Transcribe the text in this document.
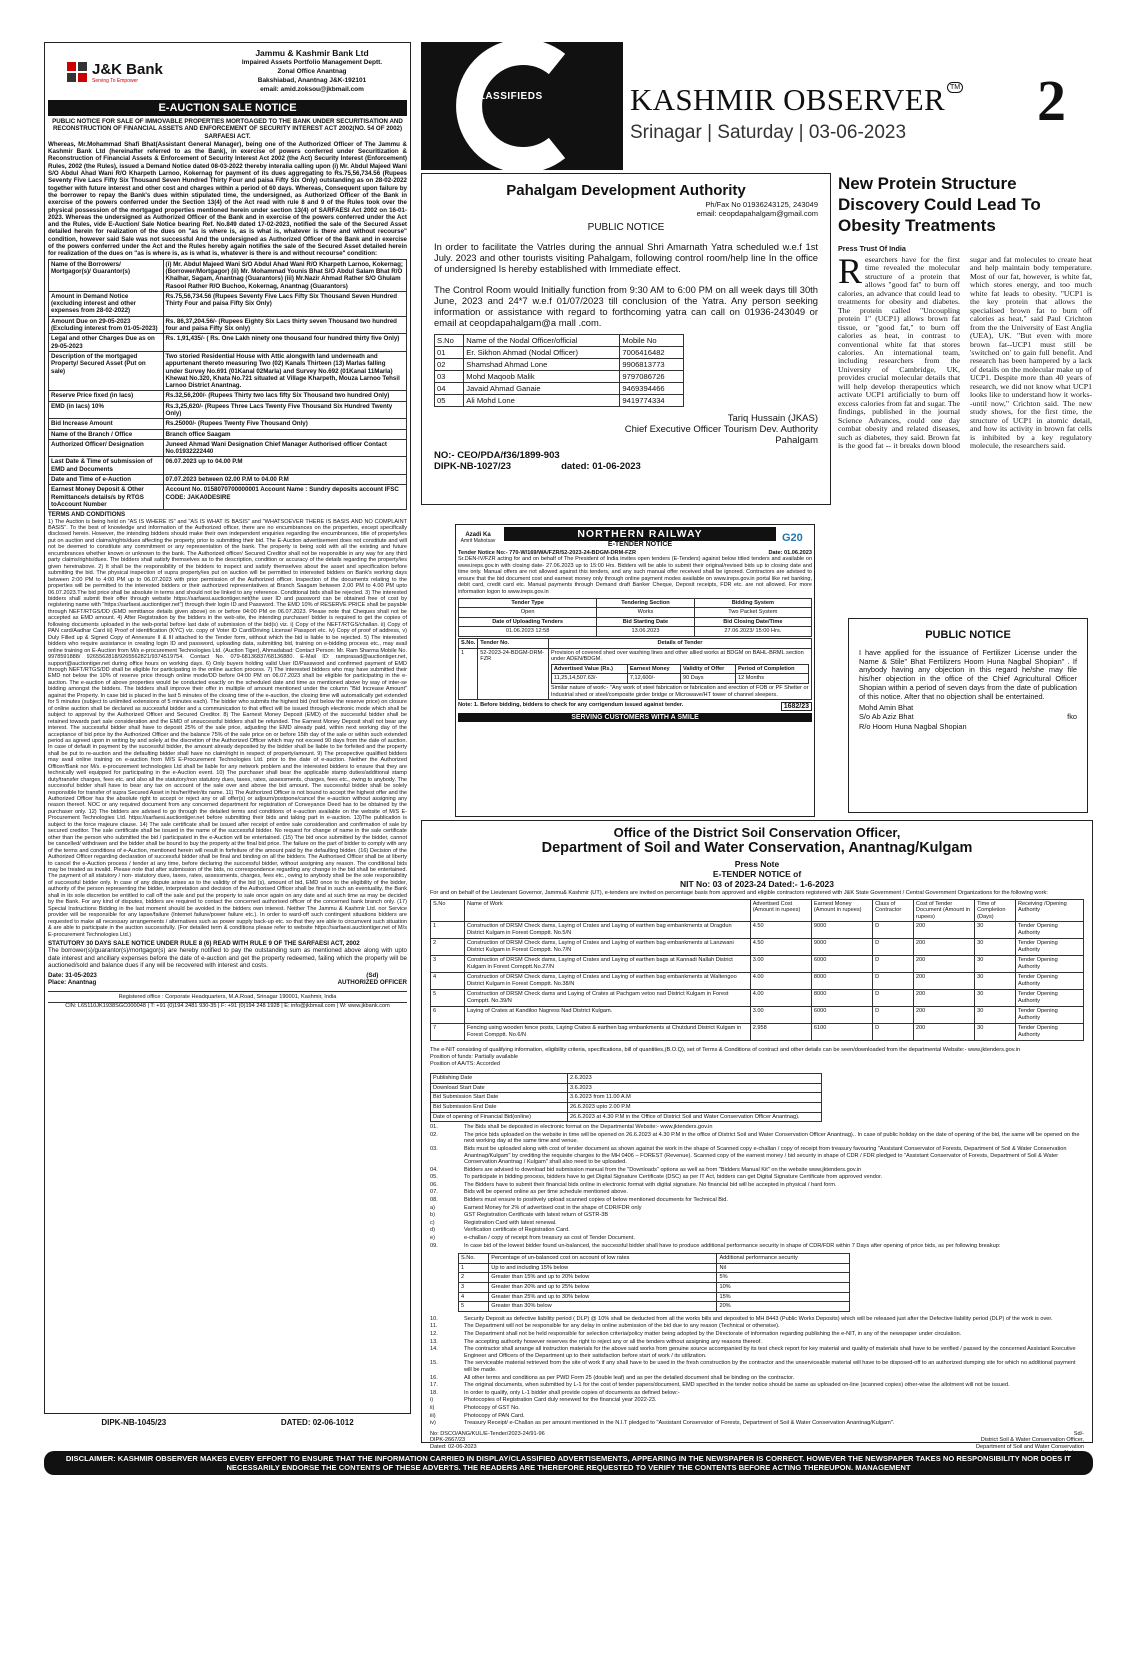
J&K Bank
Serving To Empower
Jammu & Kashmir Bank Ltd
Impaired Assets Portfolio Management Deptt.
Zonal Office Anantnag
Bakshiabad, Anantnag J&K-192101
email: amid.zoksou@jkbmail.com
E-AUCTION SALE NOTICE
PUBLIC NOTICE FOR SALE OF IMMOVABLE PROPERTIES MORTGAGED TO THE BANK UNDER SECURITISATION AND RECONSTRUCTION OF FINANCIAL ASSETS AND ENFORCEMENT OF SECURITY INTEREST ACT 2002(NO. 54 OF 2002) SARFAESI ACT.

Whereas, Mr.Mohammad Shafi Bhat(Assistant General Manager), being one of the Authorized Officer of The Jammu & Kashmir Bank Ltd (hereinafter referred to as the Bank), in exercise of powers conferred under Securitization & Reconstruction of Financial Assets & Enforcement of Security Interest Act 2002 (the Act) Security Interest (Enforcement) Rules, 2002 (the Rules), issued a Demand Notice dated 08-03-2022 thereby interalia calling upon (i) Mr. Abdul Majeed Wani S/O Abdul Ahad Wani R/O Kharpeth Larnoo, Kokernag for payment of its dues aggregating to Rs.75,56,734.56 (Rupees Seventy Five Lacs Fifty Six Thousand Seven Hundred Thirty Four and paisa Fifty Six Only) outstanding as on 28-02-2022 together with future interest and other cost and charges within a period of 60 days. Whereas, Consequent upon failure by the borrower to repay the Bank's dues within stipulated time, the undersigned, as Authorized Officer of the Bank in exercise of the powers conferred under the Section 13(4) of the Act read with rule 8 and 9 of the Rules took over the physical possession of the mortgaged properties mentioned herein under section 13(4) of SARFAESI Act 2002 on 16-01-2023. Whereas the undersigned as Authorized Officer of the Bank and in exercise of the powers conferred under the Act and the Rules, vide E-Auction/ Sale Notice bearing Ref. No.849 dated 17-02-2023, notified the sale of the Secured Asset detailed herein for realization of the dues on "as is where is, as is what is, whatever is there and without recourse" condition, however said Sale was not successful And the undersigned as Authorized Officer of the Bank and in exercise of the powers conferred under the Act and the Rules hereby again notifies the sale of the Secured Asset detailed herein for realization of the dues on "as is where is, as is what is, whatever is there is and without recourse" condition:

Name of the Borrowers/ Mortgagor(s)/ Guarantor(s)	(i) Mr. Abdul Majeed Wani S/O Abdul Ahad Wani R/O Kharpeth Larnoo, Kokernag; (Borrower/Mortgagor) (ii) Mr. Mohammad Younis Bhat S/O Abdul Salam Bhat R/O Khalhar, Sagam, Anantnag (Guarantors) (iii) Mr.Nazir Ahmad Rather S/O Ghulam Rasool Rather R/O Buchoo, Kokernag, Anantnag (Guarantors)
Amount in Demand Notice (excluding interest and other expenses from 28-02-2022)	Rs.75,56,734.56 (Rupees Seventy Five Lacs Fifty Six Thousand Seven Hundred Thirty Four and paisa Fifty Six Only)
Amount Due on 29-05-2023 (Excluding interest from 01-05-2023)	Rs. 86,37,204.56/- (Rupees Eighty Six Lacs thirty seven Thousand two hundred four and paisa Fifty Six only)
Legal and other Charges Due as on 29-05-2023	Rs. 1,91,435/- ( Rs. One Lakh ninety one thousand four hundred thirty five Only)
Description of the mortgaged Property/ Secured Asset (Put on sale)	Two storied Residential House with Attic alongwith land underneath and appurtenant thereto measuring Two (02) Kanals Thirteen (13) Marlas falling under Survey No.691 (01Kanal 02Marla) and Survey No.692 (01Kanal 11Marla) Khewat No.320, Khata No.721 situated at Village Kharpeth, Mouza Larnoo Tehsil Larnoo District Anantnag.
Reserve Price fixed (in lacs)	Rs.32,56,200/- (Rupees Thirty two lacs fifty Six Thousand two hundred Only)
EMD (in lacs) 10%	Rs.3,25,620/- (Rupees Three Lacs Twenty Five Thousand Six Hundred Twenty Only)
Bid Increase Amount	Rs.25000/- (Rupees Twenty Five Thousand Only)
Name of the Branch / Office	Branch office Saagam
Authorized Officer/ Designation	Juneed Ahmad Wani Designation Chief Manager Authorised officer Contact No.01932222440
Last Date & Time of submission of EMD and Documents	06.07.2023 up to 04.00 P.M
Date and Time of e-Auction	07.07.2023 between 02.00 P.M to 04.00 P.M
Earnest Money Deposit & Other Remittance/s details/s by RTGS toAccount Number	Account No. 0158070700000001 Account Name : Sundry deposits account IFSC CODE: JAKA0DESIRE
TERMS AND CONDITIONS

1) The Auction is being held on "AS IS WHERE IS" and "AS IS WHAT IS BASIS" and "WHATSOEVER THERE IS BASIS AND NO COMPLAINT BASIS". To the best of knowledge and information of the Authorized officer, there are no encumbrances on the properties, except specifically disclosed herein. However, the intending bidders should make their own independent enquiries regarding the encumbrances, title of property/ies put on auction and claims/rights/dues affecting the property, prior to submitting their bid. The E-Auction advertisement does not constitute and will not be deemed to constitute any commitment or any representation of the bank. The property is being sold with all the existing and future encumbrances whether known or unknown to the bank. The Authorized officer/ Secured Creditor shall not be responsible in any way for any third party claims/rights/dues. The bidders shall satisfy themselves as to the description, condition or accuracy of the details regarding the property/ies given hereinabove. 2) It shall be the responsibility of the bidders to inspect and satisfy themselves about the asset and specification before submitting the bid. The physical inspection of supra property/ies put on auction will be permitted to interested bidders on Bank's working days between 2:00 PM to 4:00 PM up to 06.07.2023 with prior permission of the Authorized officer. Inspection of the documents relating to the properties will be permitted to the interested bidders or their authorized representatives at Branch Saagam between 2.00 PM to 4.00 PM upto 06.07.2023.The bid price shall be absolute in terms and should not be linked to any reference. Conditional bids shall be rejected. 3) The interested bidders shall submit their offer through website https://sarfaesi.auctiontiger.net(the user ID and password can be obtained free of cost by registering name with "https://sarfaesi.auctiontiger.net") through their login ID and Password. The EMD 10% of RESERVE PRICE shall be payable through NEFT/RTGS/DD (EMD remittance details given above) on or before 04:00 PM on 06.07.2023. Please note that Cheques shall not be accepted as EMD amount. 4) After Registration by the bidders in the web-site, the intending purchaser/ bidder is required to get the copies of following documents uploaded in the web-portal before last date of submission of the bid(s) viz. i) Copy of the NEFT/RTGS/challan. ii) Copy of PAN card/Aadhar Card iii) Proof of identification (KYC) viz. copy of Voter ID Card/Driving License/ Passport etc. iv) Copy of proof of address, v) Duly Filled up & Signed Copy of Annexure II & III attached to the Tender form, without which the bid is liable to be rejected. 5) The interested bidders who require assistance in creating login ID and password, uploading data, submitting bid, training on e-bidding process etc., may avail online training on E-Auction from M/s e-procurement Technologies Ltd. (Auction Tiger), Ahmadabad: Contact Person: Mr. Ram Sharma Mobile No. 9978591888/ 9265562818/9265562821/9374519754. Contact No. 079-68136837/68136880. E-Mail ID: ramprasad@auctiontiger.net, support@auctiontiger.net during office hours on working days. 6) Only buyers holding valid User ID/Password and confirmed payment of EMD through NEFT/RTGS/DD shall be eligible for participating in the online auction process. 7) The interested bidders who may have submitted their EMD not below the 10% of reserve price through online mode/DD before 04:00 PM on 06.07.2023 shall be eligible for participating in the e-auction. The e-auction of above properties would be conducted exactly on the scheduled date and time as mentioned above by way of inter-se bidding amongst the bidders. The bidders shall improve their offer in multiple of amount mentioned under the column "Bid Increase Amount" against the Property. In case bid is placed in the last 5 minutes of the closing time of the e-auction, the closing time will automatically get extended for 5 minutes (subject to unlimited extensions of 5 minutes each). The bidder who submits the highest bid (not below the reserve price) on closure of online auction shall be declared as successful bidder and a communication to that effect will be issued through electronic mode which shall be subject to approval by the Authorized Officer and Secured Creditor. 8) The Earnest Money Deposit (EMD) of the successful bidder shall be retained towards part sale consideration and the EMD of unsuccessful bidders shall be refunded. The Earnest Money Deposit shall not bear any interest. The successful bidder shall have to deposit 25% of the sale price, adjusting the EMD already paid, within next working day of the acceptance of bid price by the Authorized Officer and the balance 75% of the sale price on or before 15th day of the sale or within such extended period as agreed upon in writing by and solely at the discretion of the Authorized Officer which may not exceed 90 days from the date of auction. In case of default in payment by the successful bidder, the amount already deposited by the bidder shall be liable to be forfeited and the property shall be put to re-auction and the defaulting bidder shall have no claim/right in respect of property/amount. 9) The prospective qualified bidders may avail online training on e-auction from M/S E-Procurement Technologies Ltd. prior to the date of e-auction. Neither the Authorized Officer/Bank nor M/s. e-procurement technologies Ltd shall be liable for any network problem and the interested bidders to ensure that they are technically well equipped for participating in the e-Auction event. 10) The purchaser shall bear the applicable stamp duties/additional stamp duty/transfer charges, fees etc. and also all the statutory/non statutory dues, taxes, rates, assessments, charges, fees etc., owing to anybody. The successful bidder shall have to bear any tax on account of the sale over and above the bid amount. The successful bidder shall be solely responsible for transfer of supra Secured Asset in his/her/their/its name. 11) The Authorized Officer is not bound to accept the highest offer and the Authorized Officer has the absolute right to accept or reject any or all offer(s) or adjourn/postpone/cancel the e-auction without assigning any reason thereof. NOC or any required document from any concerned department for registration of Conveyance Deed has to be obtained by the purchaser only. 12) The bidders are advised to go through the detailed terms and conditions of e-auction available on the website of M/S E-Procurement Technologies Ltd. https://sarfaesi.auctiontiger.net before submitting their bids and taking part in e-auction. 13)The publication is subject to the force majeure clause. 14) The sale certificate shall be issued after receipt of entire sale consideration and confirmation of sale by secured creditor. The sale certificate shall be issued in the name of the successful bidder. No request for change of name in the sale certificate other than the person who submitted the bid / participated in the e-Auction will be entertained. (15) The bid once submitted by the bidder, cannot be cancelled/ withdrawn and the bidder shall be bound to buy the property at the final bid price. The failure on the part of bidder to comply with any of the terms and conditions of e-Auction, mentioned herein will result in forfeiture of the amount paid by the defaulting bidder. (16) Decision of the Authorized Officer regarding declaration of successful bidder shall be final and binding on all the bidders. The Authorised Officer shall be at liberty to cancel the e-Auction process / tender at any time, before declaring the successful bidder, without assigning any reason. The conditional bids may be treated as invalid. Please note that after submission of the bids, no correspondence regarding any change in the bid shall be entertained. The payment of all statutory / non- statutory dues, taxes, rates, assessments, charges, fees etc., owing to anybody shall be the sole responsibility of successful bidder only. In case of any dispute arises as to the validity of the bid (s), amount of bid, EMD once to the eligibility of the bidder, authority of the person representing the bidder, interpretation and decision of the Authorised Officer shall be final in such an eventuality, the Bank shall in its sole discretion be entitled to call off the sale and put the property to sale once again on any date and at such time as may be decided by the Bank. For any kind of disputes, bidders are required to contact the concerned authorised officer of the concerned bank branch only. (17) Special Instructions Bidding in the last moment should be avoided in the bidders own interest. Neither The Jammu & Kashmir Ltd. nor Service provider will be responsible for any lapse/failure (Internet failure/power failure etc.). In order to ward-off such contingent situations bidders are requested to make all necessary arrangements / alternatives such as power supply back-up etc. so that they are able to circumvent such situation & are able to participate in the auction successfully. (For detailed term & conditions please refer to website https://sarfaesi.auctiontiger.net of M/s E-procurement Technologies Ltd.)

STATUTORY 30 DAYS SALE NOTICE UNDER RULE 8 (6) READ WITH RULE 9 OF THE SARFAESI ACT, 2002

The borrower(s)/guarantor(s)/mortgagor(s) are hereby notified to pay the outstanding sum as mentioned above along with upto date interest and ancillary expenses before the date of e-auction and get the property redeemed, failing which the property will be auctioned/sold and balance dues if any will be recovered with interest and costs.

Date: 31-05-2023
Place: Anantnag
(Sd)
AUTHORIZED OFFICER
Registered office : Corporate Headquarters, M.A.Road, Srinagar 190001, Kashmir, India
CIN: L65110JK1938SGC000048 | T: +91 (0)194 2481 930-35 | F: +91 (0)194 248 1928 | E: info@jkbmail.com | W: www.jkbank.com
DIPK-NB-1045/23	DATED: 02-06-1012
CLASSIFIEDS	KASHMIR OBSERVER ™
Srinagar | Saturday | 03-06-2023	2
Pahalgam Development Authority
Ph/Fax No 01936243125, 243049
email: ceopdapahalgam@gmail.com
PUBLIC NOTICE

In order to facilitate the Vatrles during the annual Shri Amarnath Yatra scheduled w.e.f 1st July. 2023 and other tourists visiting Pahalgam, following control room/help line In the office of undersigned Is hereby established with Immediate effect.

The Control Room would Initially function from 9:30 AM to 6:00 PM on all week days till 30th June, 2023 and 24*7 w.e.f 01/07/2023 till conclusion of the Yatra. Any person seeking information or assistance with regard to forthcoming yatra can call on 01936-243049 or email at ceopdapahalgam@a mall .com.

S.No	Name of the Nodal Officer/official	Mobile No
01	Er. Sikhon Ahmad (Nodal Officer)	7006416482
02	Shamshad Ahmad Lone	9906813773
03	Mohd Maqoob Malik	9797086726
04	Javaid Ahmad Ganaie	9469394466
05	Ali Mohd Lone	9419774334
Tariq Hussain (JKAS)
Chief Executive Officer Tourism Dev. Authority
Pahalgam
NO:- CEO/PDA/f36/1899-903
DIPK-NB-1027/23	dated: 01-06-2023
New Protein Structure Discovery Could Lead To Obesity Treatments
Press Trust Of India
Researchers have for the first time revealed the molecular structure of a protein that allows "good fat" to burn off calories, an advance that could lead to treatments for obesity and diabetes. The protein called "Uncoupling protein 1" (UCP1) allows brown fat tissue, or "good fat," to burn off calories as heat, in contrast to conventional white fat that stores calories. An international team, including researchers from the University of Cambridge, UK, provides crucial molecular details that will help develop therapeutics which activate UCP1 artificially to burn off excess calories from fat and sugar. The findings, published in the journal Science Advances, could one day combat obesity and related diseases, such as diabetes, they said. Brown fat is the good fat -- it breaks down blood sugar and fat molecules to create heat and help maintain body temperature. Most of our fat, however, is white fat, which stores energy, and too much white fat leads to obesity. "UCP1 is the key protein that allows the specialised brown fat to burn off calories as heat," said Paul Crichton from the the University of East Anglia (UEA), UK. "But even with more brown fat--UCP1 must still be 'switched on' to gain full benefit. And research has been hampered by a lack of details on the molecular make up of UCP1. Despite more than 40 years of research, we did not know what UCP1 looks like to understand how it works--until now," Crichton said. The new study shows, for the first time, the structure of UCP1 in atomic detail, and how its activity in brown fat cells is inhibited by a key regulatory molecule, the researchers said.
Azadi Ka
Amrit Mahotsav
NORTHERN RAILWAY
E-TENDER NOTICE
G20
Tender Notice No:- 770-W/169/WA/FZR/52-2023-24-BDGM-DRM-FZR	Date: 01.06.2023

Sr.DEN-IV/FZR acting for and on behalf of The President of India invites open tenders (E-Tenders) against below titled tenders and available on www.ireps.gov.in with closing date- 27.06.2023 up to 15:00 Hrs. Bidders will be able to submit their original/revised bids up to closing date and time only. Manual offers are not allowed against this tenders, and any such manual offer received shall be ignored. Contractors are advised to ensure that the bid document cost and earnest money only through online payment modes available on www.ireps.gov.in portal like net banking, debit card, credit card etc. Manual payments through Demand draft Banker Cheque, Deposit receipts, FDR etc. are not allowed. For more information logon to www.ireps.gov.in

Tender Type	Tendering Section	Bidding System
Open	Works	Two Packet System
Date of Uploading Tenders	Bid Starting Date	Bid Closing Date/Time
01.06.2023 12:58	13.06.2023	27.06.2023/ 15:00 Hrs.
S.No.	Tender No.	Details of Tender
1	52-2023-24-BDGM-DRM-FZR	
Provision of covered shed over washing lines and other allied works at BDGM on BAHL-BRML section under ADEN/BDGM.
Advertised Value (Rs.)	Earnest Money	Validity of Offer	Period of Completion
11,25,14,507.63/-	7,12,600/-	90 Days	12 Months
Similar nature of work:- "Any work of steel fabrication or fabrication and erection of FOB or PF Shelter or Industrial shed or steel/composite girder bridge or Microwave/HT tower of channel sleepers.
Note: 1. Before bidding, bidders to check for any corrigendum issued against tender.	1682/23
SERVING CUSTOMERS WITH A SMILE
PUBLIC NOTICE

I have applied for the issuance of Fertilizer License under the Name & Stile" Bhat Fertilizers Hoom Huna Nagbal Shopian" . If anybody having any objection in this regard he/she may file his/her objection in the office of the Chief Agricultural Officer Shopian within a period of seven days from the date of publication of this notice. After that no objection shall be entertained.

Mohd Amin Bhat
S/o Ab Aziz Bhat	fko
R/o Hoom Huna Nagbal Shopian
Office of the District Soil Conservation Officer,
Department of Soil and Water Conservation, Anantnag/Kulgam
Press Note
E-TENDER NOTICE of
NIT No: 03 of 2023-24 Dated:- 1-6-2023
For and on behalf of the Lieutenant Governor, Jammu& Kashmir (UT), e-tenders are invited on percentage basis from approved and eligible contractors registered with J&K State Government / Central Government Organizations for the following work:
S.No	Name of Work	Advertised Cost (Amount in rupees)	Earnest Money (Amount in rupees)	Class of Contractor	Cost of Tender Document (Amount in rupees)	Time of Completion (Days)	Receiving /Opening Authority
1	Construction of DRSM Check dams, Laying of Crates and Laying of earthen bag embankments at Dragdun District Kulgam in Forest Compptt. No.5/N	4.50	9000	D	200	30	Tender Opening Authority
2	Construction of DRSM Check dams, Laying of Crates and Laying of earthen bag embankments at Lanzwani District Kulgam in Forest Compptt. No.7/N	4.50	9000	D	200	30	Tender Opening Authority
3	Construction of DRSM Check dams, Laying of Crates and Laying of earthen bags at Kannadi Nallah District Kulgam in Forest Compptt.No.27/N	3.00	6000	D	200	30	Tender Opening Authority
4	Construction of DRSM Check dams, Laying of Crates and Laying of earthen bag embankments at Waltengoo District Kulgam in Forest Compptt. No.38/N	4.00	8000	D	200	30	Tender Opening Authority
5	Construction of DRSM Check dams and Laying of Crates at Pachgam vetoo nad District Kulgam in Forest Compptt. No.39/N	4.00	8000	D	200	30	Tender Opening Authority
6	Laying of Crates at Kandiloo Nagress Nad District Kulgam.	3.00	6000	D	200	30	Tender Opening Authority
7	Fencing using wooden fence posts, Laying Crates & earthen bag embankments at Chutdund District Kulgam in Forest Compptt. No.6/N	2.958	6100	D	200	30	Tender Opening Authority
The e-NIT consisting of qualifying information, eligibility criteria, specifications, bill of quantities,(B.O.Q), set of Terms & Conditions of contract and other details can be seen/downloaded from the departmental Website:- www.jktenders.gov.in
Position of funds: Partially available
Position of AA/TS: Accorded
Publishing Date	2.6.2023
Download Start Date	3.6.2023
Bid Submission Start Date	3.6.2023 from 11.00 A.M
Bid Submission End Date	26.6.2023 upto 2.00 P.M
Date of opening of Financial Bid(online)	26.6.2023 at 4.30 P.M in the Office of District Soil and Water Conservation Officer Anantnag).
01.	The Bids shall be deposited in electronic format on the Departmental Website:- www.jktenders.gov.in
02.	The price bids uploaded on the website in time will be opened on 26.6.2023 at 4.30 P.M in the office of District Soil and Water Conservation Officer Anantnag).. In case of public holiday on the date of opening of the bid, the same will be opened on the next working day at the same time and venue.
03.	Bids must be uploaded along with cost of tender document as shown against the work in the shape of Scanned copy e-challan / copy of receipt from treasury favouring "Assistant Conservator of Forests, Department of Soil & Water Conservation Anantnag/Kulgam" by crediting the requisite charges to the MH 0406 – FOREST (Revenue). Scanned copy of the earnest money / bid security in shape of CDR / FDR pledged to "Assistant Conservator of Forests, Department of Soil & Water Conservation Anantnag / Kulgam" shall also need to be uploaded.
04.	Bidders are advised to download bid submission manual from the "Downloads" options as well as from "Bidders Manual Kit" on the website www.jktenders.gov.in
05.	To participate in bidding process, bidders have to get Digital Signature Certificate (DSC) as per IT Act, bidders can get Digital Signature Certificate from approved vendor.
06.	The Bidders have to submit their financial bids online in electronic format with digital signature. No financial bid will be accepted in physical / hard form.
07.	Bids will be opened online as per time schedule mentioned above.
08.	Bidders must ensure to positively upload scanned copies of below mentioned documents for Technical Bid.
a)	Earnest Money for 2% of advertised cost in the shape of CDR/FDR only
b)	GST Registration Certificate with latest return of GSTR-3B
c)	Registration Card with latest renewal.
d)	Verification certificate of Registration Card.
e)	e-challan / copy of receipt from treasury as cost of Tender Document.
09.	In case bid of the lowest bidder found un-balanced, the successful bidder shall have to produce additional performance security in shape of CDR/FDR within 7 Days after opening of price bids, as per following breakup:
S.No.	Percentage of un-balanced cost on account of low rates	Additional performance security
1	Up to and including 15% below	Nil
2	Greater than 15% and up to 20% below	5%
3	Greater than 20% and up to 25% below	10%
4	Greater than 25% and up to 30% below	15%
5	Greater than 30% below	20%
10.	Security Deposit as defective liability period ( DLP) @ 10% shall be deducted from all the works bills and deposited to MH 8443 (Public Works Deposits) which will be released just after the Defective liability period (DLP) of the work is over.
11.	The Department will not be responsible for any delay in online submission of the bid due to any reason (Technical or otherwise).
12.	The Department shall not be held responsible for selection criteria/policy matter being adopted by the Directorate of information regarding publishing the e-NIT, in any of the newspaper under circulation.
13.	The accepting authority however reserves the right to reject any or all the tenders without assigning any reasons thereof.
14.	The contractor shall arrange all instruction materials for the above said works from genuine source accompanied by its test check report for key material and quality of materials shall have to be verified / passed by the concerned Assistant Executive Engineer and Officers of the Department up to their satisfaction before start of work / its utilization.
15.	The serviceable material retrieved from the site of work if any shall have to be used in the fresh construction by the contractor and the unserviceable material will have to be disposed-off to an authorized dumping site for which no additional payment will be made.
16.	All other terms and conditions as per PWD Form 25 (double leaf) and as per the detailed document shall be binding on the contractor.
17.	The original documents, when submitted by L-1 for the cost of tender papers/document, EMD specified in the tender notice should be same as uploaded on-line (scanned copies) other-wise the allotment will not be issued.
18.	In order to qualify, only L-1 bidder shall provide copies of documents as defined below:-
i)	Photocopies of Registration Card duly renewed for the financial year 2022-23.
ii)	Photocopy of GST No.
iii)	Photocopy of PAN Card.
iv)	Treasury Receipt/ e-Challan as per amount mentioned in the N.I.T pledged to "Assistant Conservator of Forests, Department of Soil & Water Conservation Anantnag/Kulgam".
No: DSCO/ANG/KUL/E-Tender/2023-24/91-96
DIPK-2667/23
Dated: 02-06-2023
Sd/-
District Soil & Water Conservation Officer,
Department of Soil and Water Conservation
DISCLAIMER: KASHMIR OBSERVER MAKES EVERY EFFORT TO ENSURE THAT THE INFORMATION CARRIED IN DISPLAY/CLASSIFIED ADVERTISEMENTS, APPEARING IN THE NEWSPAPER IS CORRECT. HOWEVER THE NEWSPAPER TAKES NO RESPONSIBILITY NOR DOES IT NECESSARILY ENDORSE THE CONTENTS OF THESE ADVERTS. THE READERS ARE THEREFORE REQUESTED TO VERIFY THE CONTENTS BEFORE ACTING THEREUPON. MANAGEMENT
